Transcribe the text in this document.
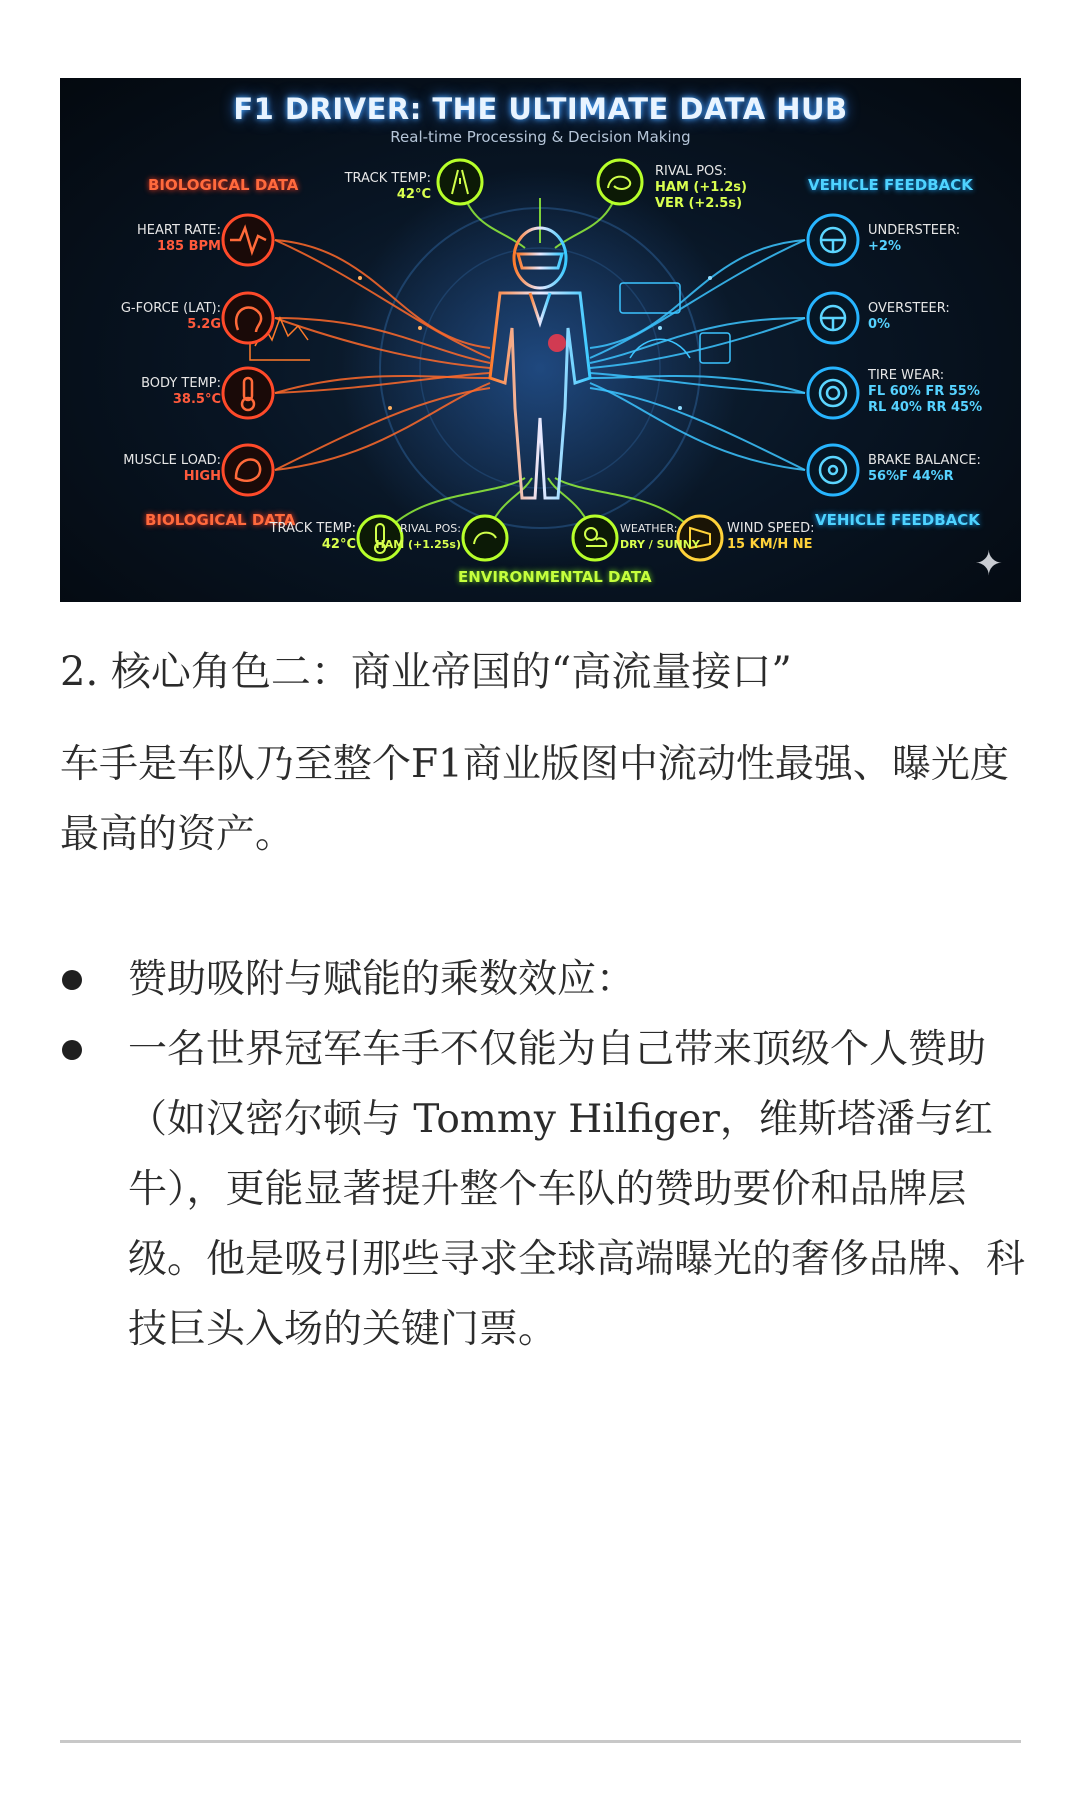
F1 DRIVER: THE ULTIMATE DATA HUB
Real-time Processing & Decision Making
BIOLOGICAL DATA
BIOLOGICAL DATA
VEHICLE FEEDBACK
VEHICLE FEEDBACK
ENVIRONMENTAL DATA
HEART RATE:
185 BPM
G-FORCE (LAT):
5.2G
BODY TEMP:
38.5°C
MUSCLE LOAD:
HIGH
UNDERSTEER:
+2%
OVERSTEER:
0%
TIRE WEAR:
FL 60% FR 55%
RL 40% RR 45%
BRAKE BALANCE:
56%F 44%R
TRACK TEMP:
42°C
RIVAL POS:
HAM (+1.2s)
VER (+2.5s)
TRACK TEMP:
42°C
RIVAL POS:
HAM (+1.25s)
WEATHER:
DRY / SUNNY
WIND SPEED:
15 KM/H NE	✦
2. 核心角色二：商业帝国的“高流量接口”
车手是车队乃至整个F1商业版图中流动性最强、曝光度最高的资产。
赞助吸附与赋能的乘数效应：
一名世界冠军车手不仅能为自己带来顶级个人赞助（如汉密尔顿与 Tommy Hilfiger，维斯塔潘与红牛），更能显著提升整个车队的赞助要价和品牌层级。他是吸引那些寻求全球高端曝光的奢侈品牌、科技巨头入场的关键门票。
